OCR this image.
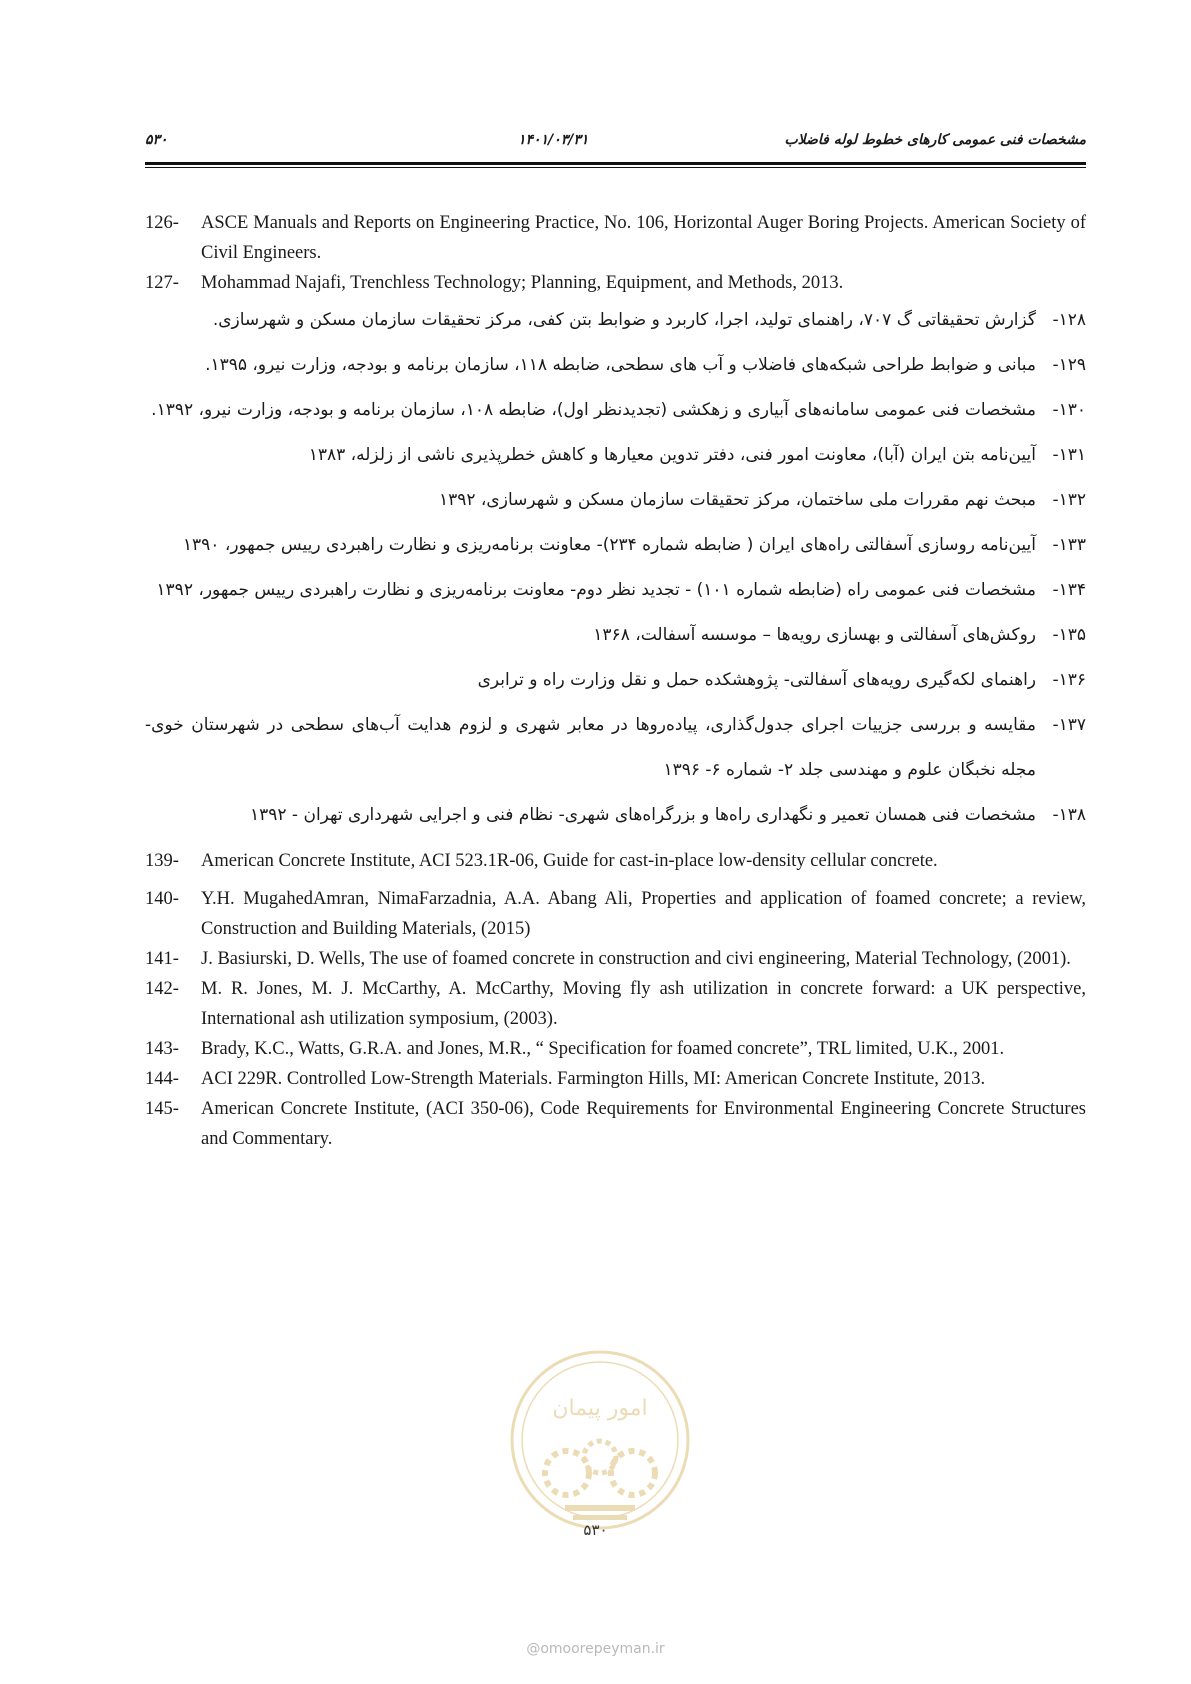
۵۳۰	۱۴۰۱/۰۳/۳۱	مشخصات فنی عمومی کارهای خطوط لوله فاضلاب
126-	ASCE Manuals and Reports on Engineering Practice, No. 106, Horizontal Auger Boring Projects. American Society of Civil Engineers.
127-	Mohammad Najafi, Trenchless Technology; Planning, Equipment, and Methods, 2013.
۱۲۸-
گزارش تحقیقاتی گ ۷۰۷، راهنمای تولید، اجرا، کاربرد و ضوابط بتن کفی، مرکز تحقیقات سازمان مسکن و شهرسازی.
۱۲۹-
مبانی و ضوابط طراحی شبکه‌های فاضلاب و آب های سطحی، ضابطه ۱۱۸، سازمان برنامه و بودجه، وزارت نیرو، ۱۳۹۵.
۱۳۰-
مشخصات فنی عمومی سامانه‌های آبیاری و زهکشی (تجدیدنظر اول)، ضابطه ۱۰۸، سازمان برنامه و بودجه، وزارت نیرو، ۱۳۹۲.
۱۳۱-
آیین‌نامه بتن ایران (آبا)، معاونت امور فنی، دفتر تدوین معیارها و کاهش خطرپذیری ناشی از زلزله، ۱۳۸۳
۱۳۲-
مبحث نهم مقررات ملی ساختمان، مرکز تحقیقات سازمان مسکن و شهرسازی، ۱۳۹۲
۱۳۳-
آیین‌نامه روسازی آسفالتی راه‌های ایران ( ضابطه شماره ۲۳۴)- معاونت برنامه‌ریزی و نظارت راهبردی رییس جمهور، ۱۳۹۰
۱۳۴-
مشخصات فنی عمومی راه (ضابطه شماره ۱۰۱) - تجدید نظر دوم- معاونت برنامه‌ریزی و نظارت راهبردی رییس جمهور، ۱۳۹۲
۱۳۵-
روکش‌های آسفالتی و بهسازی رویه‌ها – موسسه آسفالت، ۱۳۶۸
۱۳۶-
راهنمای لکه‌گیری رویه‌های آسفالتی- پژوهشکده حمل و نقل وزارت راه و ترابری
۱۳۷-
مقایسه و بررسی جزییات اجرای جدول‌گذاری، پیاده‌روها در معابر شهری و لزوم هدایت آب‌های سطحی در شهرستان خوی- مجله نخبگان علوم و مهندسی جلد ۲- شماره ۶- ۱۳۹۶
۱۳۸-
مشخصات فنی همسان تعمیر و نگهداری راه‌ها و بزرگراه‌های شهری- نظام فنی و اجرایی شهرداری تهران - ۱۳۹۲
139-	American Concrete Institute, ACI 523.1R-06, Guide for cast-in-place low-density cellular concrete.
140-	Y.H. MugahedAmran, NimaFarzadnia, A.A. Abang Ali, Properties and application of foamed concrete; a review, Construction and Building Materials, (2015)
141-	J. Basiurski, D. Wells, The use of foamed concrete in construction and civi engineering, Material Technology, (2001).
142-	M. R. Jones, M. J. McCarthy, A. McCarthy, Moving fly ash utilization in concrete forward: a UK perspective, International ash utilization symposium, (2003).
143-	Brady, K.C., Watts, G.R.A. and Jones, M.R., “ Specification for foamed concrete”, TRL limited, U.K., 2001.
144-	ACI 229R. Controlled Low-Strength Materials. Farmington Hills, MI: American Concrete Institute, 2013.
145-	American Concrete Institute, (ACI 350-06), Code Requirements for Environmental Engineering Concrete Structures and Commentary.
امور پیمان
۵۳۰
@omoorepeyman.ir
